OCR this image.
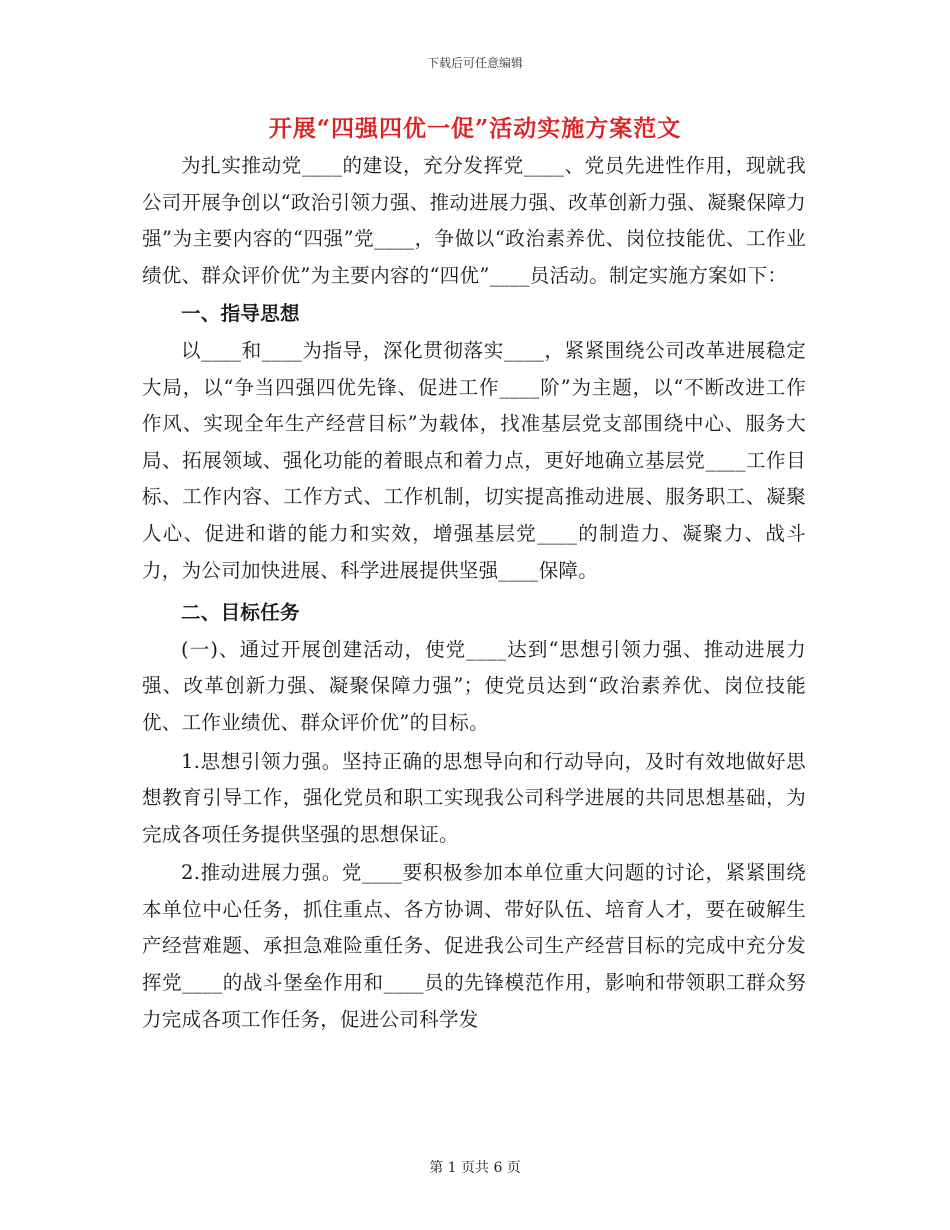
下载后可任意编辑
开展“四强四优一促”活动实施方案范文

为扎实推动党____的建设，充分发挥党____、党员先进性作用，现就我公司开展争创以“政治引领力强、推动进展力强、改革创新力强、凝聚保障力强”为主要内容的“四强”党____，争做以“政治素养优、岗位技能优、工作业绩优、群众评价优”为主要内容的“四优”____员活动。制定实施方案如下：

一、指导思想

以____和____为指导，深化贯彻落实____，紧紧围绕公司改革进展稳定大局，以“争当四强四优先锋、促进工作____阶”为主题，以“不断改进工作作风、实现全年生产经营目标”为载体，找准基层党支部围绕中心、服务大局、拓展领域、强化功能的着眼点和着力点，更好地确立基层党____工作目标、工作内容、工作方式、工作机制，切实提高推动进展、服务职工、凝聚人心、促进和谐的能力和实效，增强基层党____的制造力、凝聚力、战斗力，为公司加快进展、科学进展提供坚强____保障。

二、目标任务

(一)、通过开展创建活动，使党____达到“思想引领力强、推动进展力强、改革创新力强、凝聚保障力强”；使党员达到“政治素养优、岗位技能优、工作业绩优、群众评价优”的目标。

1.思想引领力强。坚持正确的思想导向和行动导向，及时有效地做好思想教育引导工作，强化党员和职工实现我公司科学进展的共同思想基础，为完成各项任务提供坚强的思想保证。

2.推动进展力强。党____要积极参加本单位重大问题的讨论，紧紧围绕本单位中心任务，抓住重点、各方协调、带好队伍、培育人才，要在破解生产经营难题、承担急难险重任务、促进我公司生产经营目标的完成中充分发挥党____的战斗堡垒作用和____员的先锋模范作用，影响和带领职工群众努力完成各项工作任务，促进公司科学发

第 1 页共 6 页
